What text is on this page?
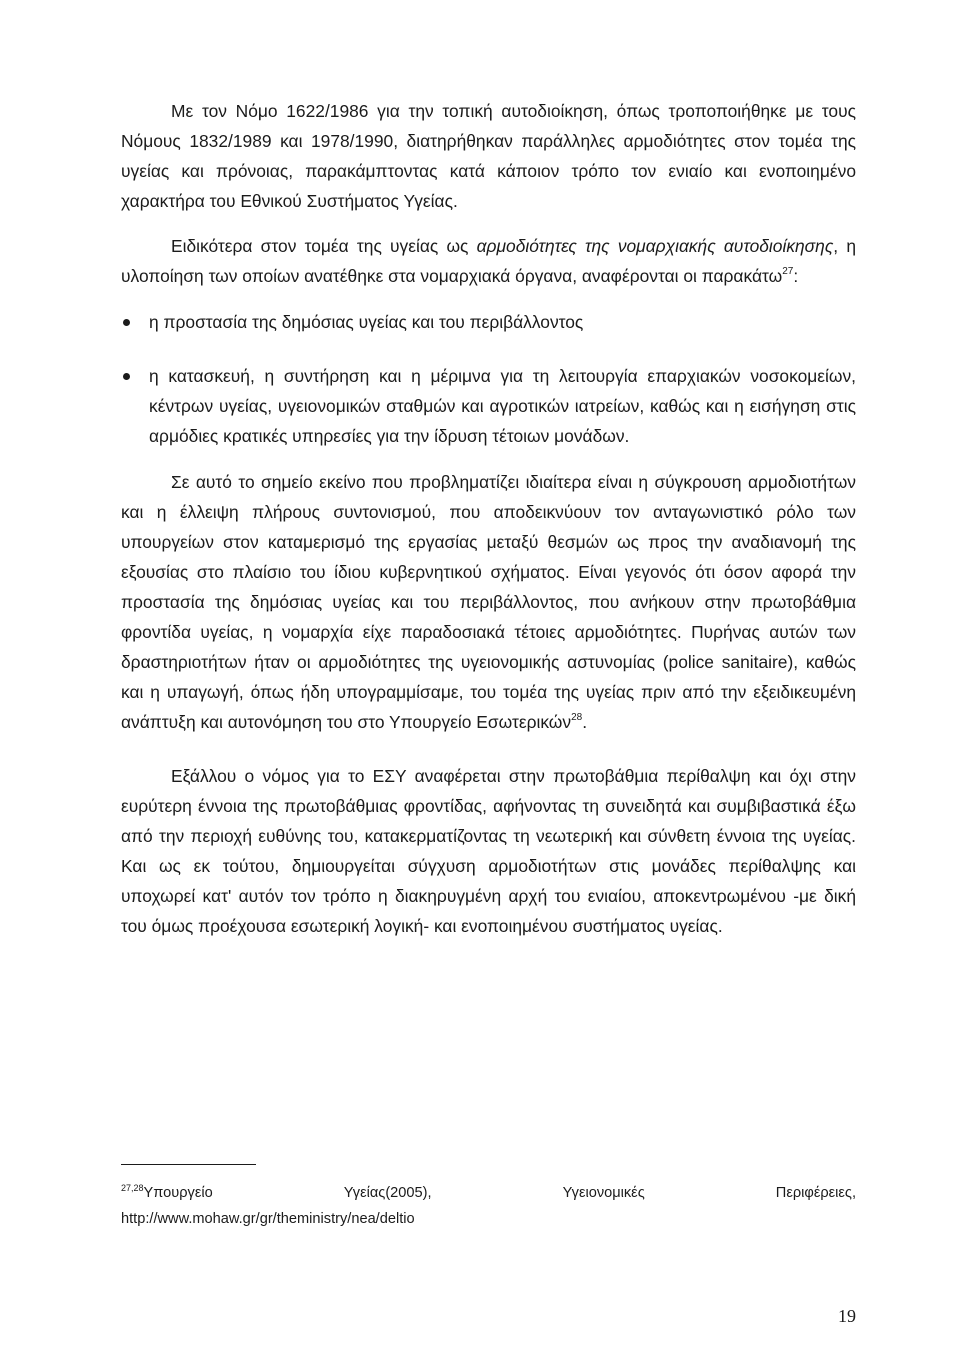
Με τον Νόμο 1622/1986 για την τοπική αυτοδιοίκηση, όπως τροποποιήθηκε με τους Νόμους 1832/1989 και 1978/1990, διατηρήθηκαν παράλληλες αρμοδιότητες στον τομέα της υγείας και πρόνοιας, παρακάμπτοντας κατά κάποιον τρόπο τον ενιαίο και ενοποιημένο χαρακτήρα του Εθνικού Συστήματος Υγείας.

Ειδικότερα στον τομέα της υγείας ως αρμοδιότητες της νομαρχιακής αυτοδιοίκησης, η υλοποίηση των οποίων ανατέθηκε στα νομαρχιακά όργανα, αναφέρονται οι παρακάτω$^{27}$:

η προστασία της δημόσιας υγείας και του περιβάλλοντος
η κατασκευή, η συντήρηση και η μέριμνα για τη λειτουργία επαρχιακών νοσοκομείων, κέντρων υγείας, υγειονομικών σταθμών και αγροτικών ιατρείων, καθώς και η εισήγηση στις αρμόδιες κρατικές υπηρεσίες για την ίδρυση τέτοιων μονάδων.

Σε αυτό το σημείο εκείνο που προβληματίζει ιδιαίτερα είναι η σύγκρουση αρμοδιοτήτων και η έλλειψη πλήρους συντονισμού, που αποδεικνύουν τον ανταγωνιστικό ρόλο των υπουργείων στον καταμερισμό της εργασίας μεταξύ θεσμών ως προς την αναδιανομή της εξουσίας στο πλαίσιο του ίδιου κυβερνητικού σχήματος. Είναι γεγονός ότι όσον αφορά την προστασία της δημόσιας υγείας και του περιβάλλοντος, που ανήκουν στην πρωτοβάθμια φροντίδα υγείας, η νομαρχία είχε παραδοσιακά τέτοιες αρμοδιότητες. Πυρήνας αυτών των δραστηριοτήτων ήταν οι αρμοδιότητες της υγειονομικής αστυνομίας (police sanitaire), καθώς και η υπαγωγή, όπως ήδη υπογραμμίσαμε, του τομέα της υγείας πριν από την εξειδικευμένη ανάπτυξη και αυτονόμηση του στο Υπουργείο Εσωτερικών$^{28}$.

Εξάλλου ο νόμος για το ΕΣΥ αναφέρεται στην πρωτοβάθμια περίθαλψη και όχι στην ευρύτερη έννοια της πρωτοβάθμιας φροντίδας, αφήνοντας τη συνειδητά και συμβιβαστικά έξω από την περιοχή ευθύνης του, κατακερματίζοντας τη νεωτερική και σύνθετη έννοια της υγείας. Και ως εκ τούτου, δημιουργείται σύγχυση αρμοδιοτήτων στις μονάδες περίθαλψης και υποχωρεί κατ' αυτόν τον τρόπο η διακηρυγμένη αρχή του ενιαίου, αποκεντρωμένου -με δική του όμως προέχουσα εσωτερική λογική- και ενοποιημένου συστήματος υγείας.

$^{27,28}$Υπουργείο	Υγείας(2005),	Υγειονομικές	Περιφέρειες,
http://www.mohaw.gr/gr/theministry/nea/deltio
19
